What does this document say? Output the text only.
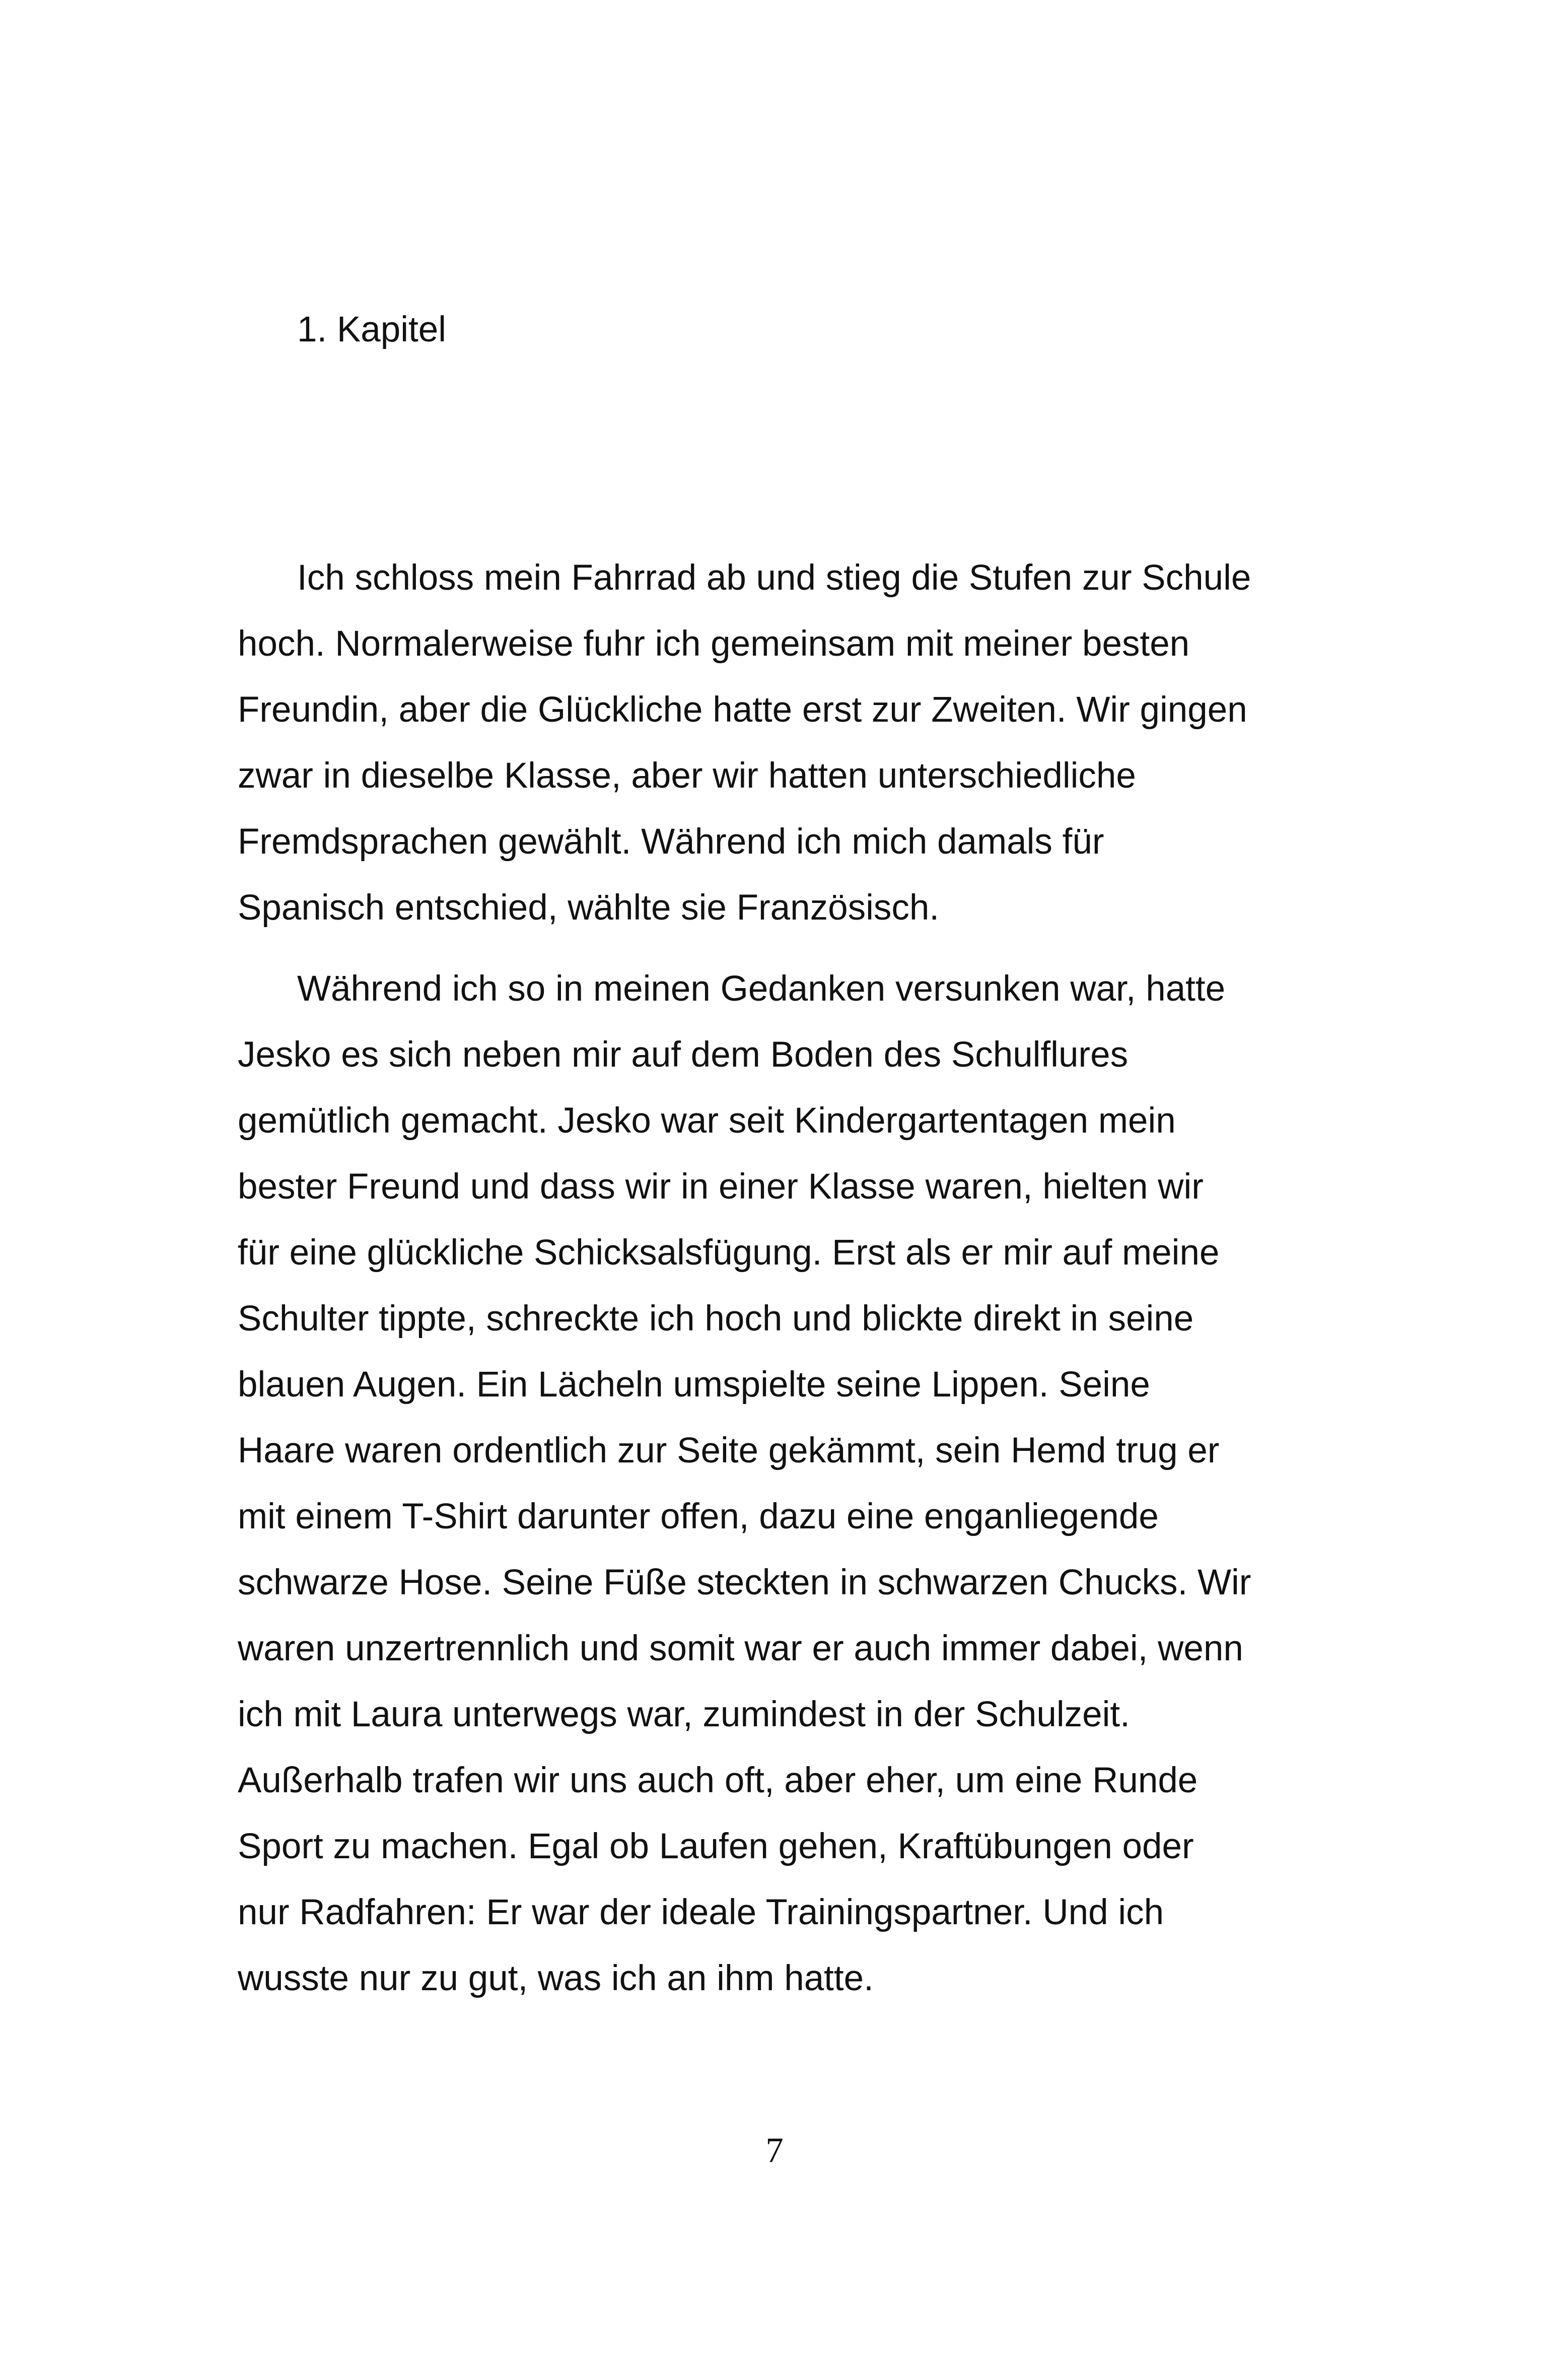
1. Kapitel

Ich schloss mein Fahrrad ab und stieg die Stufen zur Schule
hoch. Normalerweise fuhr ich gemeinsam mit meiner besten
Freundin, aber die Glückliche hatte erst zur Zweiten. Wir gingen
zwar in dieselbe Klasse, aber wir hatten unterschiedliche
Fremdsprachen gewählt. Während ich mich damals für
Spanisch entschied, wählte sie Französisch.

Während ich so in meinen Gedanken versunken war, hatte
Jesko es sich neben mir auf dem Boden des Schulflures
gemütlich gemacht. Jesko war seit Kindergartentagen mein
bester Freund und dass wir in einer Klasse waren, hielten wir
für eine glückliche Schicksalsfügung. Erst als er mir auf meine
Schulter tippte, schreckte ich hoch und blickte direkt in seine
blauen Augen. Ein Lächeln umspielte seine Lippen. Seine
Haare waren ordentlich zur Seite gekämmt, sein Hemd trug er
mit einem T-Shirt darunter offen, dazu eine enganliegende
schwarze Hose. Seine Füße steckten in schwarzen Chucks. Wir
waren unzertrennlich und somit war er auch immer dabei, wenn
ich mit Laura unterwegs war, zumindest in der Schulzeit.
Außerhalb trafen wir uns auch oft, aber eher, um eine Runde
Sport zu machen. Egal ob Laufen gehen, Kraftübungen oder
nur Radfahren: Er war der ideale Trainingspartner. Und ich
wusste nur zu gut, was ich an ihm hatte.

7
